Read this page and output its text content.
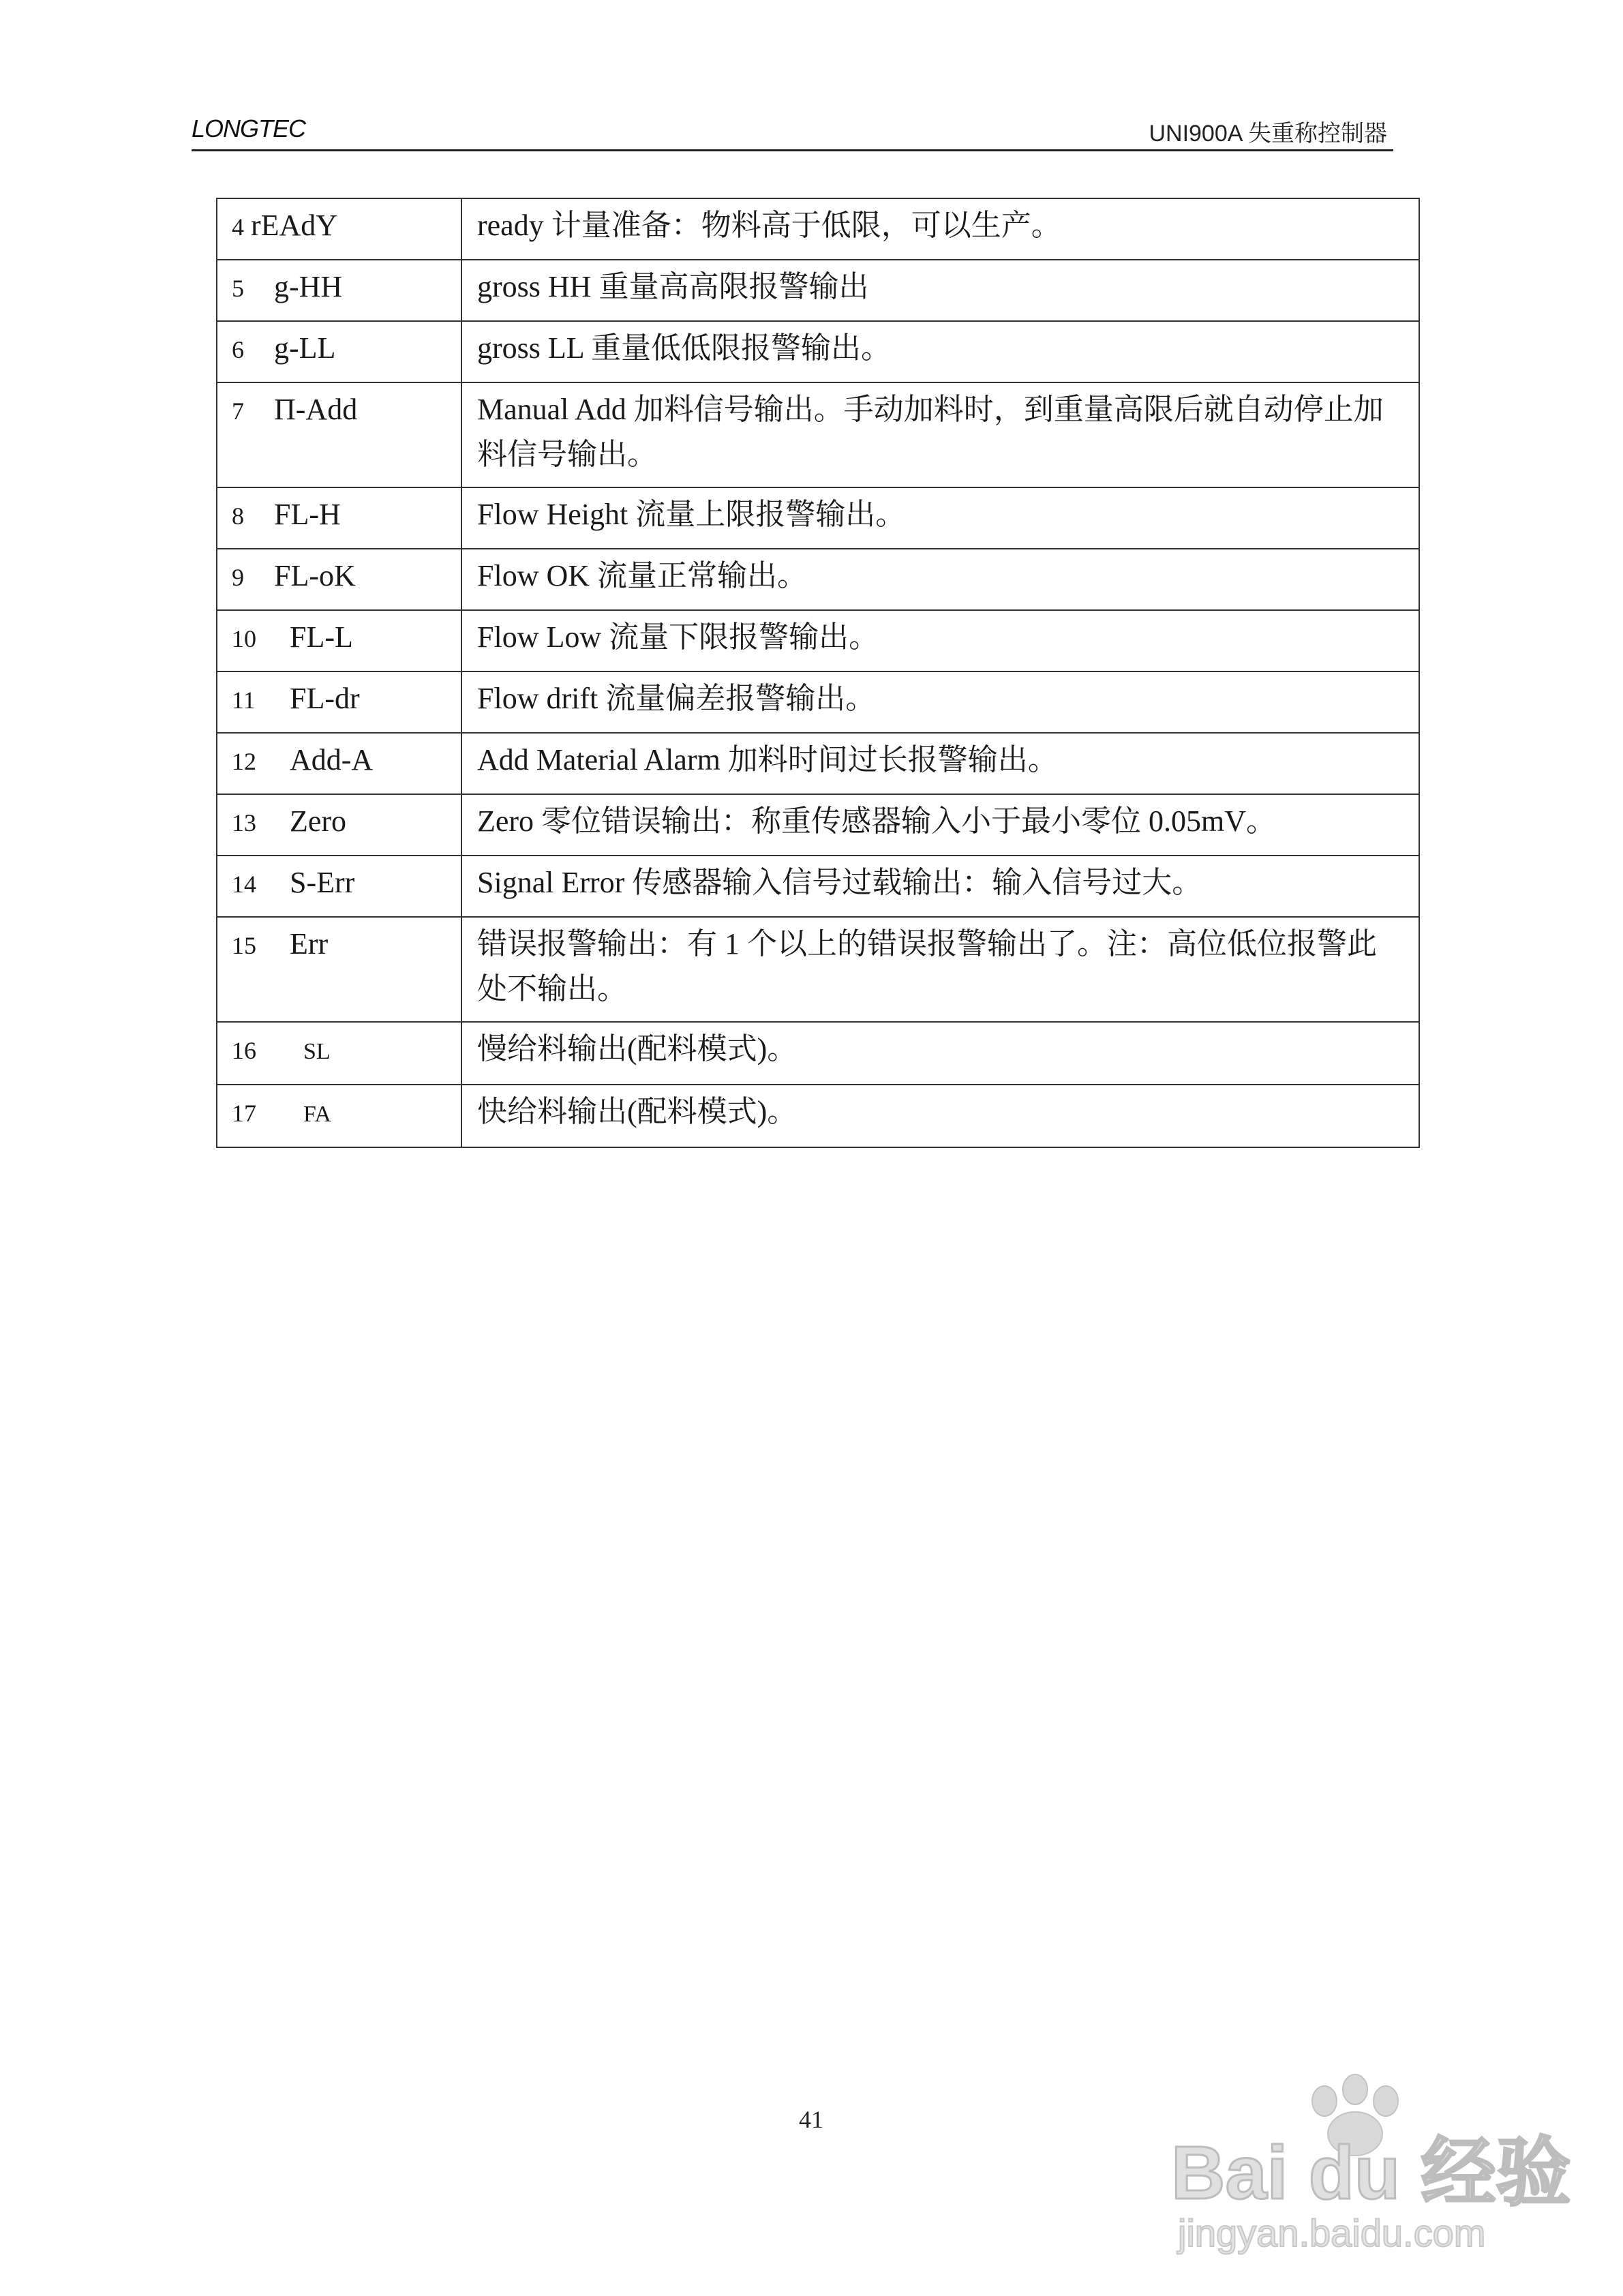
LONGTEC	UNI900A 失重称控制器
4 rEAdY	ready 计量准备：物料高于低限，可以生产。
5 g-HH	gross HH 重量高高限报警输出
6 g-LL	gross LL 重量低低限报警输出。
7 Π-Add	Manual Add 加料信号输出。手动加料时，到重量高限后就自动停止加料信号输出。
8 FL-H	Flow Height 流量上限报警输出。
9 FL-oK	Flow OK 流量正常输出。
10 FL-L	Flow Low 流量下限报警输出。
11 FL-dr	Flow drift 流量偏差报警输出。
12 Add-A	Add Material Alarm 加料时间过长报警输出。
13 Zero	Zero 零位错误输出：称重传感器输入小于最小零位 0.05mV。
14 S-Err	Signal Error 传感器输入信号过载输出：输入信号过大。
15 Err	错误报警输出：有 1 个以上的错误报警输出了。注：高位低位报警此处不输出。
16 SL	慢给料输出(配料模式)。
17 FA	快给料输出(配料模式)。
41
Bai du 经验
jingyan.baidu.com
